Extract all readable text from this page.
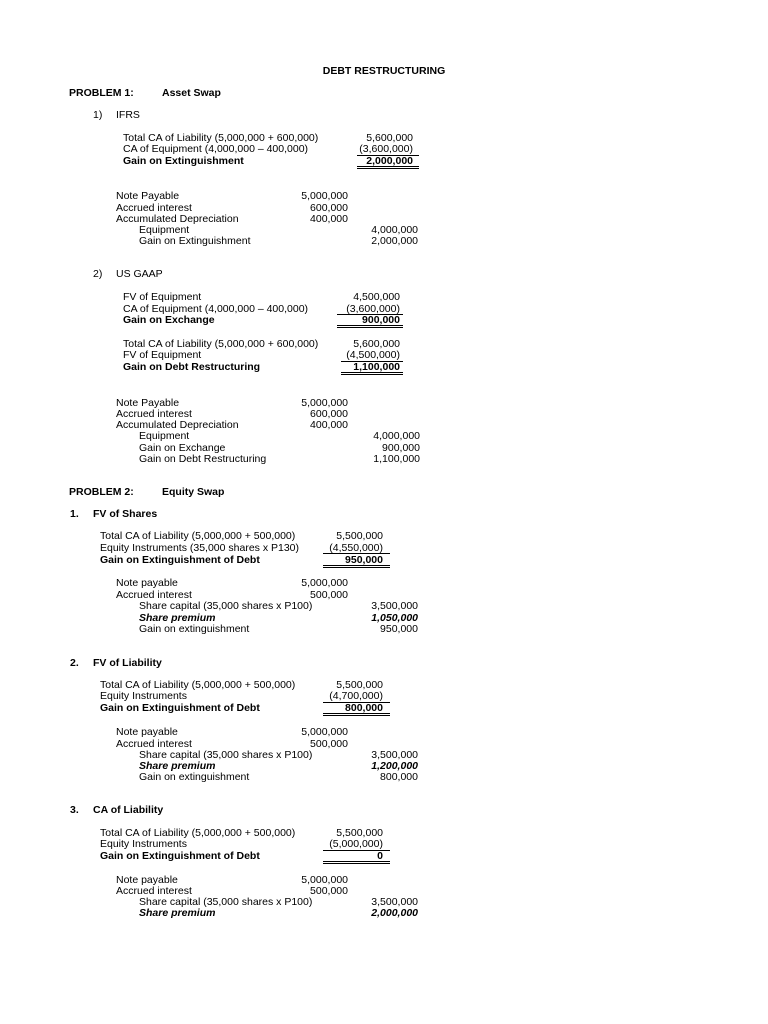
DEBT RESTRUCTURING
PROBLEM 1:	Asset Swap
1) IFRS
Total CA of Liability (5,000,000 + 600,000)
CA of Equipment (4,000,000 – 400,000)
Gain on Extinguishment
5,600,000
(3,600,000)
2,000,000
Note Payable
Accrued interest
Accumulated Depreciation
Equipment
Gain on Extinguishment
5,000,000
600,000
400,000
4,000,000
2,000,000
2) US GAAP
FV of Equipment
CA of Equipment (4,000,000 – 400,000)
Gain on Exchange
4,500,000
(3,600,000)
900,000
Total CA of Liability (5,000,000 + 600,000)
FV of Equipment
Gain on Debt Restructuring
5,600,000
(4,500,000)
1,100,000
Note Payable
Accrued interest
Accumulated Depreciation
Equipment
Gain on Exchange
Gain on Debt Restructuring
5,000,000
600,000
400,000
4,000,000
900,000
1,100,000
PROBLEM 2:	Equity Swap
1. FV of Shares
Total CA of Liability (5,000,000 + 500,000)
Equity Instruments (35,000 shares x P130)
Gain on Extinguishment of Debt
5,500,000
(4,550,000)
950,000
Note payable
Accrued interest
Share capital (35,000 shares x P100)
Share premium
Gain on extinguishment
5,000,000
500,000
3,500,000
1,050,000
950,000
2. FV of Liability
Total CA of Liability (5,000,000 + 500,000)
Equity Instruments
Gain on Extinguishment of Debt
5,500,000
(4,700,000)
800,000
Note payable
Accrued interest
Share capital (35,000 shares x P100)
Share premium
Gain on extinguishment
5,000,000
500,000
3,500,000
1,200,000
800,000
3. CA of Liability
Total CA of Liability (5,000,000 + 500,000)
Equity Instruments
Gain on Extinguishment of Debt
5,500,000
(5,000,000)
0
Note payable
Accrued interest
Share capital (35,000 shares x P100)
Share premium
5,000,000
500,000
3,500,000
2,000,000
